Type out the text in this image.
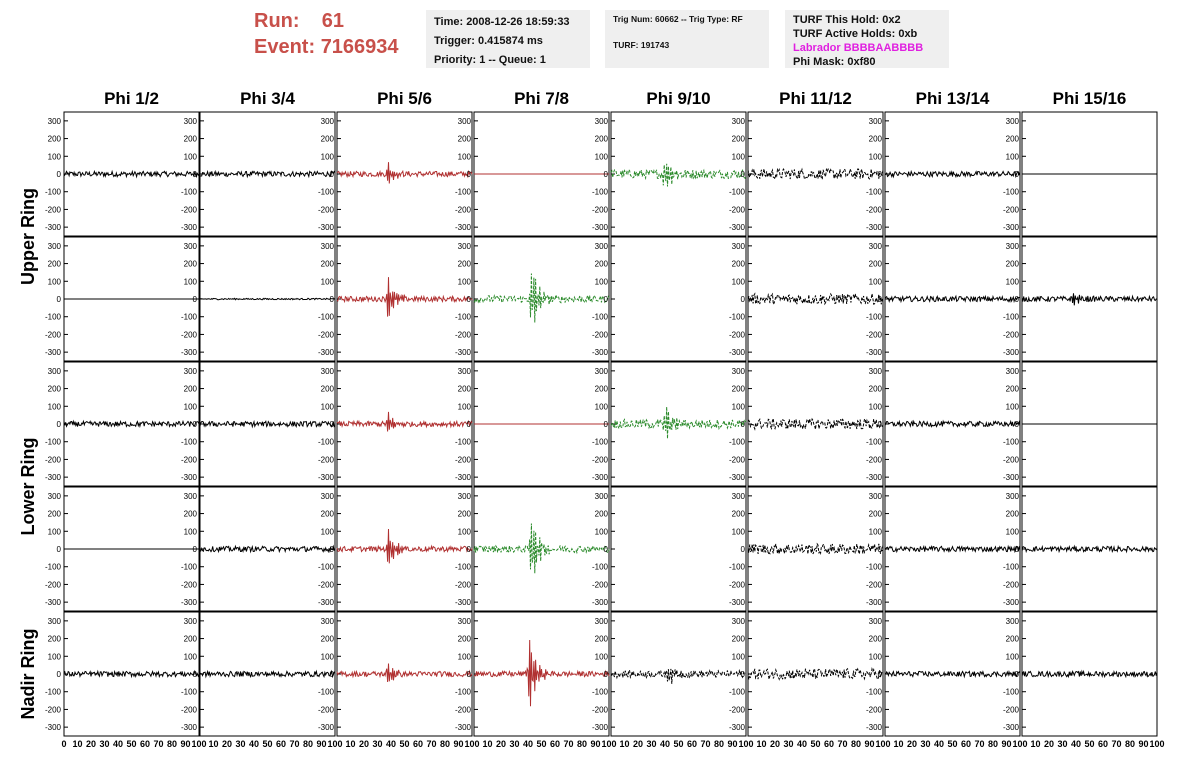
Run: 61
Event: 7166934
Time: 2008-12-26 18:59:33
Trigger: 0.415874 ms
Priority: 1 -- Queue: 1
Trig Num: 60662 -- Trig Type: RF
TURF: 191743
TURF This Hold: 0x2
TURF Active Holds: 0xb
Labrador BBBBAABBBB
Phi Mask: 0xf80
Phi 1/2	Phi 3/4	Phi 5/6	Phi 7/8	Phi 9/10	Phi 11/12	Phi 13/14	Phi 15/16
Upper Ring
Lower Ring
Nadir Ring
300
200
100
0
-100
-200
-300
300
200
100
0
-100
-200
-300
300
200
100
0
-100
-200
-300
300
200
100
0
-100
-200
-300
300
200
100
0
-100
-200
-300
300
200
100
0
-100
-200
-300
300
200
100
0
-100
-200
-300
300
200
100
0
-100
-200
-300
300
200
100
0
-100
-200
-300
300
200
100
0
-100
-200
-300
300
200
100
0
-100
-200
-300
300
200
100
0
-100
-200
-300
300
200
100
0
-100
-200
-300
300
200
100
0
-100
-200
-300
300
200
100
0
-100
-200
-300
300
200
100
0
-100
-200
-300
300
200
100
0
-100
-200
-300
300
200
100
0
-100
-200
-300
300
200
100
0
-100
-200
-300
300
200
100
0
-100
-200
-300
300
200
100
0
-100
-200
-300
300
200
100
0
-100
-200
-300
300
200
100
0
-100
-200
-300
300
200
100
0
-100
-200
-300
300
200
100
0
-100
-200
-300
300
200
100
0
-100
-200
-300
300
200
100
0
-100
-200
-300
300
200
100
0
-100
-200
-300
300
200
100
0
-100
-200
-300
300
200
100
0
-100
-200
-300
300
200
100
0
-100
-200
-300
300
200
100
0
-100
-200
-300
300
200
100
0
-100
-200
-300
300
200
100
0
-100
-200
-300
300
200
100
0
-100
-200
-300
300
200
100
0
-100
-200
-300
300
200
100
0
-100
-200
-300
300
200
100
0
-100
-200
-300
300
200
100
0
-100
-200
-300
300
200
100
0
-100
-200
-300
0 10 20 30 40 50 60 70 80 90 100 10 20 30 40 50 60 70 80 90 100 10 20 30 40 50 60 70 80 90 100 10 20 30 40 50 60 70 80 90 100 10 20 30 40 50 60 70 80 90 100 10 20 30 40 50 60 70 80 90 100 10 20 30 40 50 60 70 80 90 100 10 20 30 40 50 60 70 80 90 100
